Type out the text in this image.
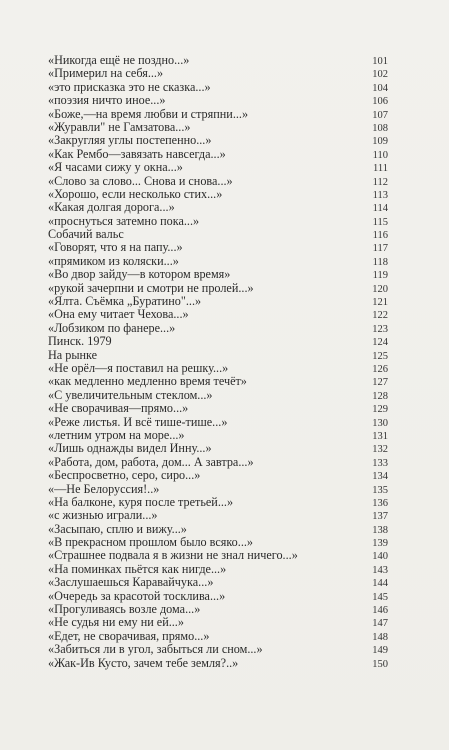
«Никогда ещё не поздно...»	101
«Примерил на себя...»	102
«это присказка это не сказка...»	104
«поэзия ничто иное...»	106
«Боже,—на время любви и стряпни...»	107
«Журавли" не Гамзатова...»	108
«Закругляя углы постепенно...»	109
«Как Рембо—завязать навсегда...»	110
«Я часами сижу у окна...»	111
«Слово за слово... Снова и снова...»	112
«Хорошо, если несколько стих...»	113
«Какая долгая дорога...»	114
«проснуться затемно пока...»	115
Собачий вальс	116
«Говорят, что я на папу...»	117
«прямиком из коляски...»	118
«Во двор зайду—в котором время»	119
«рукой зачерпни и смотри не пролей...»	120
«Ялта. Съёмка „Буратино"...»	121
«Она ему читает Чехова...»	122
«Лобзиком по фанере...»	123
Пинск. 1979	124
На рынке	125
«Не орёл—я поставил на решку...»	126
«как медленно медленно время течёт»	127
«С увеличительным стеклом...»	128
«Не сворачивая—прямо...»	129
«Реже листья. И всё тише-тише...»	130
«летним утром на море...»	131
«Лишь однажды видел Инну...»	132
«Работа, дом, работа, дом... А завтра...»	133
«Беспросветно, серо, сиро...»	134
«—Не Белоруссия!..»	135
«На балконе, куря после третьей...»	136
«с жизнью играли...»	137
«Засыпаю, сплю и вижу...»	138
«В прекрасном прошлом было всяко...»	139
«Страшнее подвала я в жизни не знал ничего...»	140
«На поминках пьётся как нигде...»	143
«Заслушаешься Каравайчука...»	144
«Очередь за красотой тосклива...»	145
«Прогуливаясь возле дома...»	146
«Не судья ни ему ни ей...»	147
«Едет, не сворачивая, прямо...»	148
«Забиться ли в угол, забыться ли сном...»	149
«Жак-Ив Кусто, зачем тебе земля?..»	150
